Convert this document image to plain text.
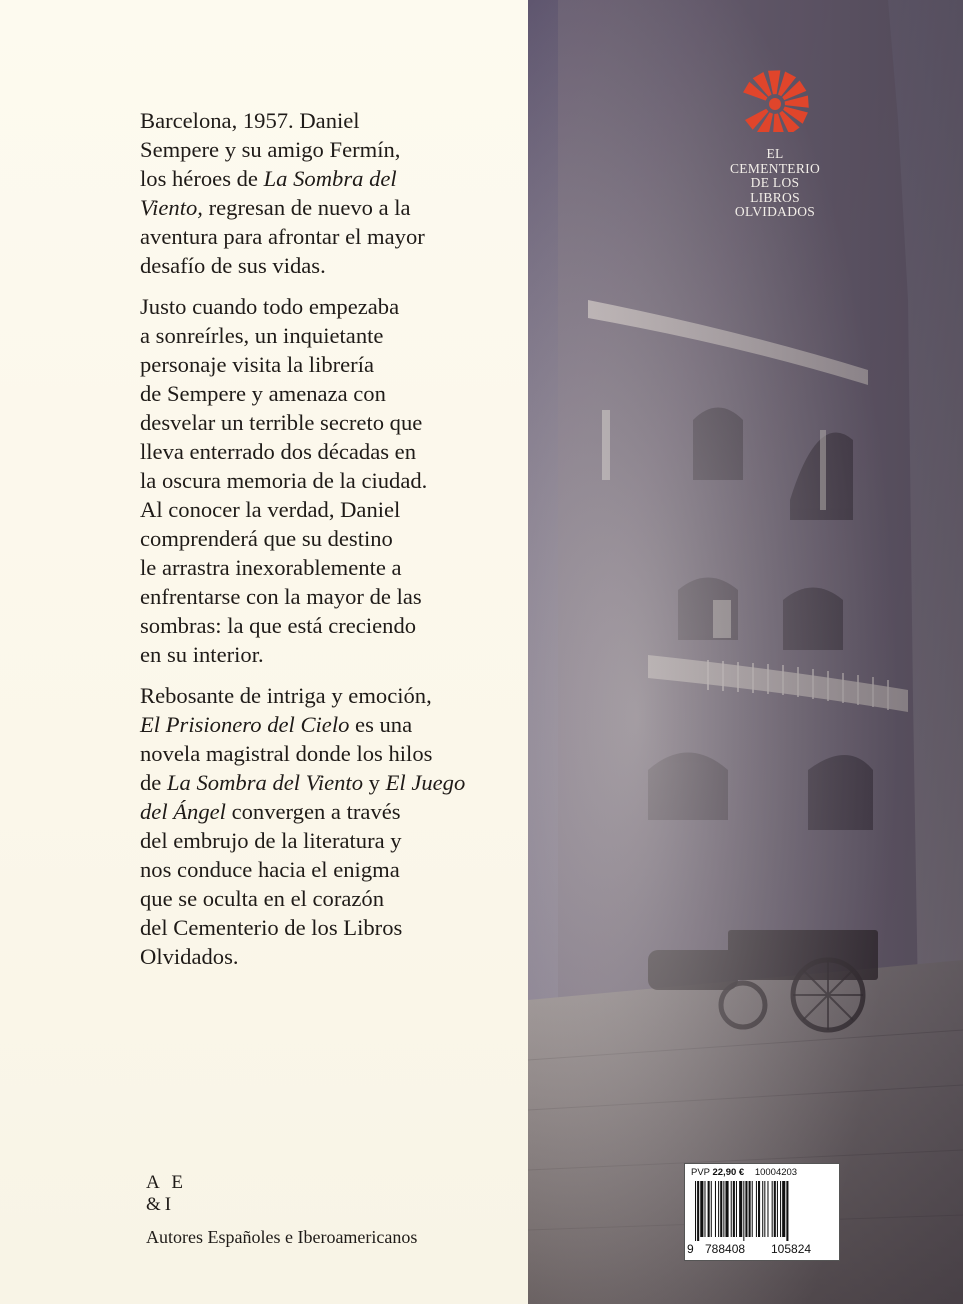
Barcelona, 1957. Daniel
Sempere y su amigo Fermín,
los héroes de La Sombra del
Viento, regresan de nuevo a la
aventura para afrontar el mayor
desafío de sus vidas.

Justo cuando todo empezaba
a sonreírles, un inquietante
personaje visita la librería
de Sempere y amenaza con
desvelar un terrible secreto que
lleva enterrado dos décadas en
la oscura memoria de la ciudad.
Al conocer la verdad, Daniel
comprenderá que su destino
le arrastra inexorablemente a
enfrentarse con la mayor de las
sombras: la que está creciendo
en su interior.

Rebosante de intriga y emoción,
El Prisionero del Cielo es una
novela magistral donde los hilos
de La Sombra del Viento y El Juego
del Ángel convergen a través
del embrujo de la literatura y
nos conduce hacia el enigma
que se oculta en el corazón
del Cementerio de los Libros
Olvidados.

A E
&I
Autores Españoles e Iberoamericanos
EL
CEMENTERIO
DE LOS
LIBROS
OLVIDADOS
PVP 22,90 € 10004203
9 788408 105824
